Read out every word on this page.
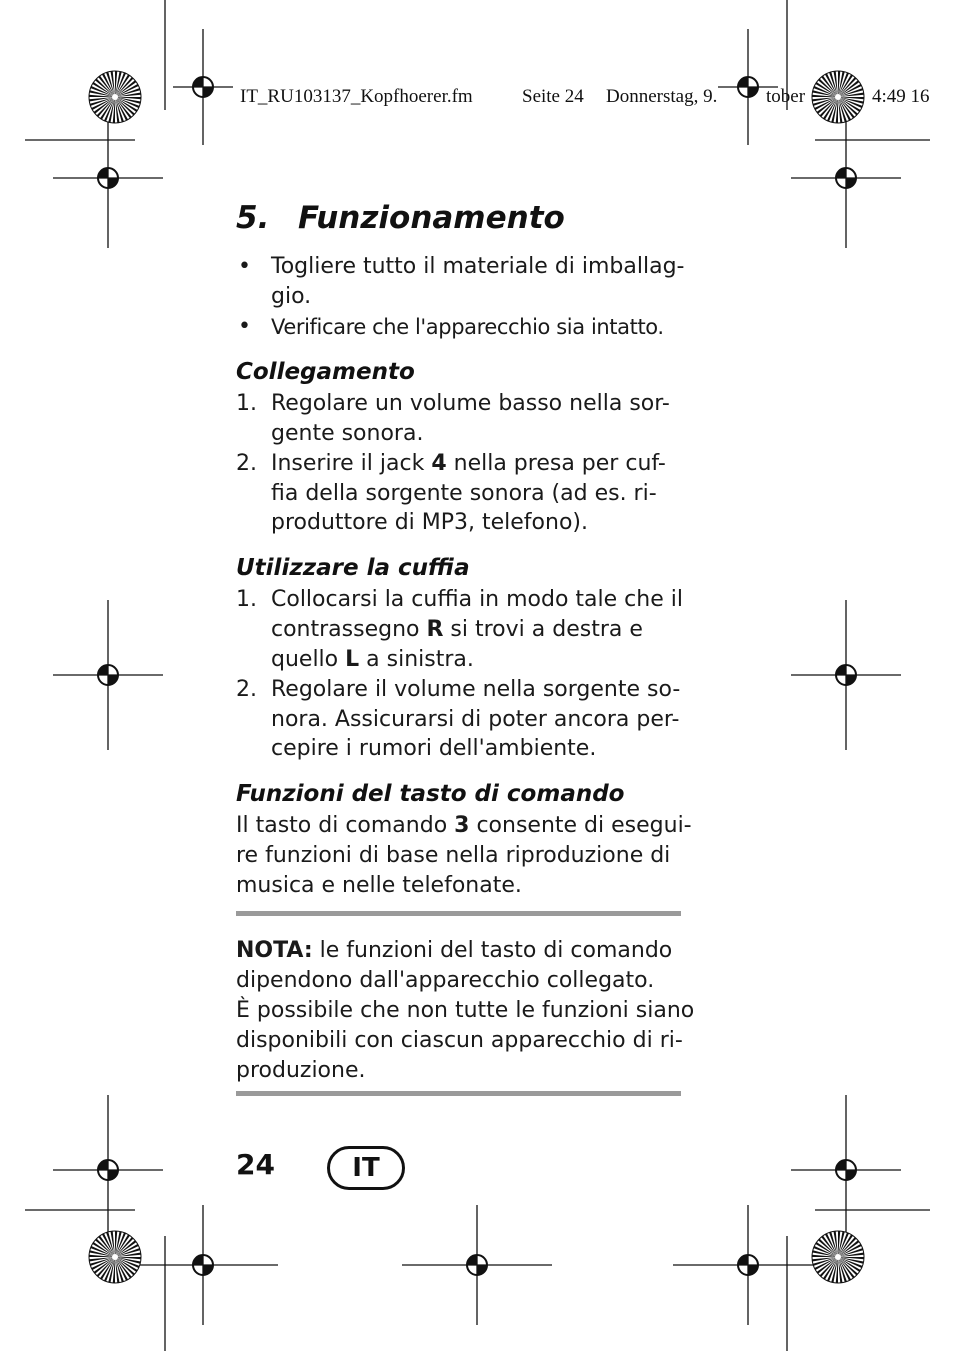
IT_RU103137_Kopfhoerer.fm	Seite 24 Donnerstag, 9.	tober	4:49 16
5. Funzionamento
• Togliere tutto il materiale di imballag-
gio.
• Verificare che l'apparecchio sia intatto.
Collegamento
1. Regolare un volume basso nella sor-
gente sonora.
2. Inserire il jack 4 nella presa per cuf-
fia della sorgente sonora (ad es. ri-
produttore di MP3, telefono).
Utilizzare la cuffia
1. Collocarsi la cuffia in modo tale che il
contrassegno R si trovi a destra e
quello L a sinistra.
2. Regolare il volume nella sorgente so-
nora. Assicurarsi di poter ancora per-
cepire i rumori dell'ambiente.
Funzioni del tasto di comando
Il tasto di comando 3 consente di esegui-
re funzioni di base nella riproduzione di
musica e nelle telefonate.
NOTA: le funzioni del tasto di comando
dipendono dall'apparecchio collegato.
È possibile che non tutte le funzioni siano
disponibili con ciascun apparecchio di ri-
produzione.
24	IT
